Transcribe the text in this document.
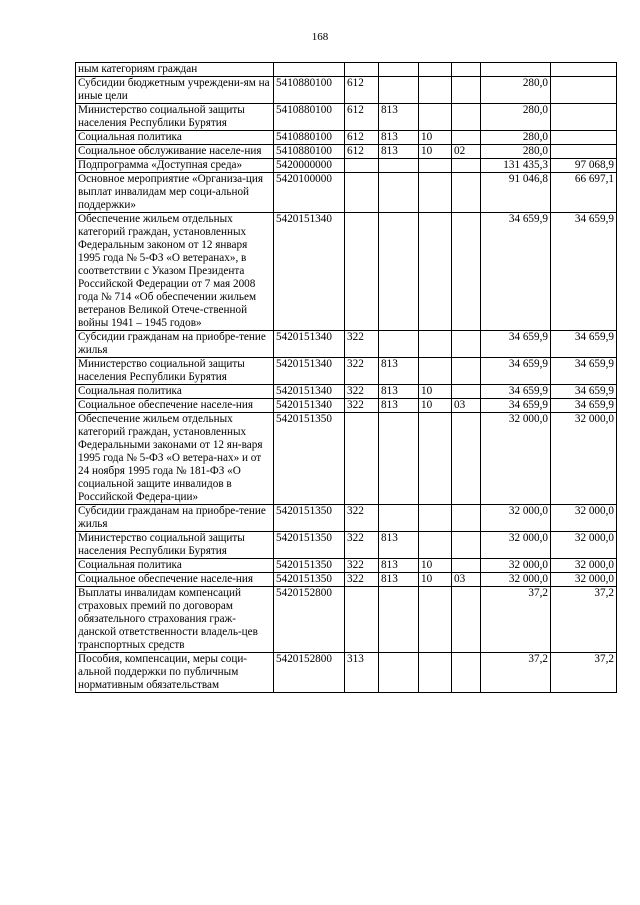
168
ным категориям граждан							
Субсидии бюджетным учреждени-ям на иные цели	5410880100	612				280,0	
Министерство социальной защиты населения Республики Бурятия	5410880100	612	813			280,0	
Социальная политика	5410880100	612	813	10		280,0	
Социальное обслуживание населе-ния	5410880100	612	813	10	02	280,0	
Подпрограмма «Доступная среда»	5420000000					131 435,3	97 068,9
Основное мероприятие «Организа-ция выплат инвалидам мер соци-альной поддержки»	5420100000					91 046,8	66 697,1
Обеспечение жильем отдельных категорий граждан, установленных Федеральным законом от 12 января 1995 года № 5-ФЗ «О ветеранах», в соответствии с Указом Президента Российской Федерации от 7 мая 2008 года № 714 «Об обеспечении жильем ветеранов Великой Отече-ственной войны 1941 – 1945 годов»	5420151340					34 659,9	34 659,9
Субсидии гражданам на приобре-тение жилья	5420151340	322				34 659,9	34 659,9
Министерство социальной защиты населения Республики Бурятия	5420151340	322	813			34 659,9	34 659,9
Социальная политика	5420151340	322	813	10		34 659,9	34 659,9
Социальное обеспечение населе-ния	5420151340	322	813	10	03	34 659,9	34 659,9
Обеспечение жильем отдельных категорий граждан, установленных Федеральными законами от 12 ян-варя 1995 года № 5-ФЗ «О ветера-нах» и от 24 ноября 1995 года № 181-ФЗ «О социальной защите инвалидов в Российской Федера-ции»	5420151350					32 000,0	32 000,0
Субсидии гражданам на приобре-тение жилья	5420151350	322				32 000,0	32 000,0
Министерство социальной защиты населения Республики Бурятия	5420151350	322	813			32 000,0	32 000,0
Социальная политика	5420151350	322	813	10		32 000,0	32 000,0
Социальное обеспечение населе-ния	5420151350	322	813	10	03	32 000,0	32 000,0
Выплаты инвалидам компенсаций страховых премий по договорам обязательного страхования граж-данской ответственности владель-цев транспортных средств	5420152800					37,2	37,2
Пособия, компенсации, меры соци-альной поддержки по публичным нормативным обязательствам	5420152800	313				37,2	37,2
